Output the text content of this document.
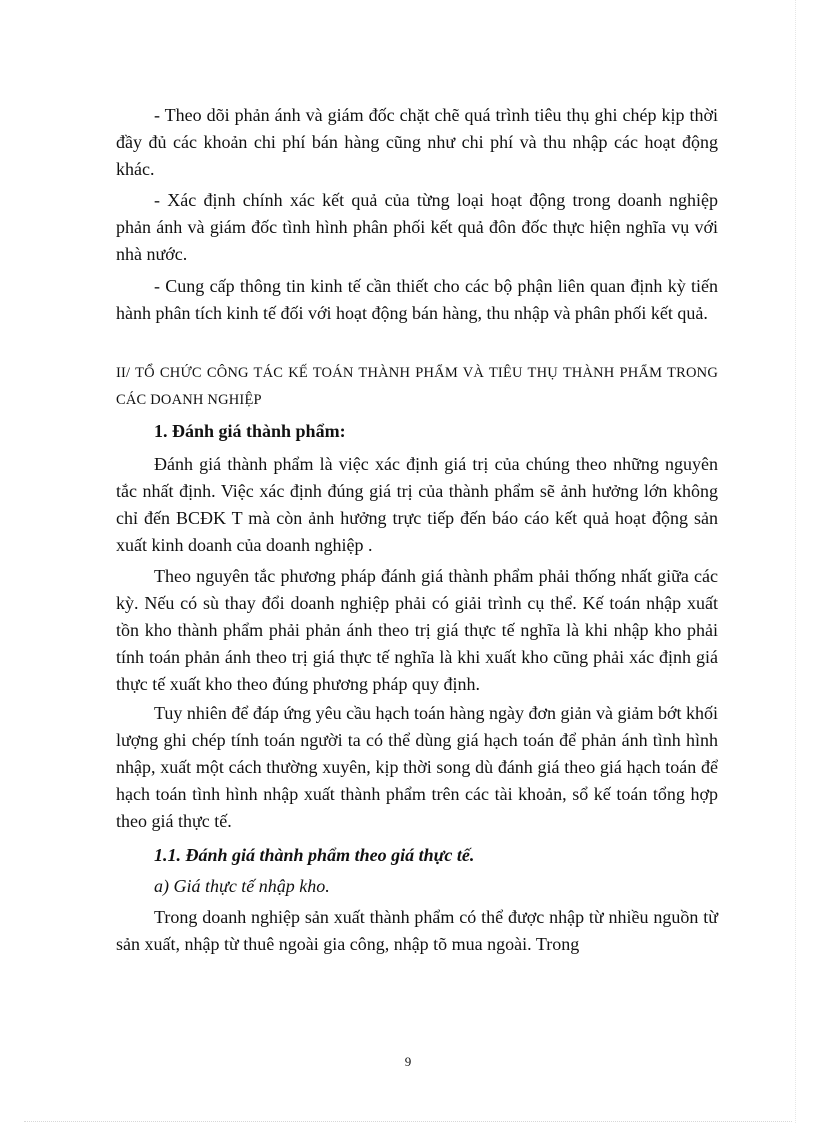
- Theo dõi phản ánh và giám đốc chặt chẽ quá trình tiêu thụ ghi chép kịp thời đầy đủ các khoản chi phí bán hàng cũng như chi phí và thu nhập các hoạt động khác.

- Xác định chính xác kết quả của từng loại hoạt động trong doanh nghiệp phản ánh và giám đốc tình hình phân phối kết quả đôn đốc thực hiện nghĩa vụ với nhà nước.

- Cung cấp thông tin kinh tế cần thiết cho các bộ phận liên quan định kỳ tiến hành phân tích kinh tế đối với hoạt động bán hàng, thu nhập và phân phối kết quả.

II/ TỔ CHỨC CÔNG TÁC KẾ TOÁN THÀNH PHẨM VÀ TIÊU THỤ THÀNH PHẨM TRONG CÁC DOANH NGHIỆP

1. Đánh giá thành phẩm:

Đánh giá thành phẩm là việc xác định giá trị của chúng theo những nguyên tắc nhất định. Việc xác định đúng giá trị của thành phẩm sẽ ảnh hưởng lớn không chỉ đến BCĐK T mà còn ảnh hưởng trực tiếp đến báo cáo kết quả hoạt động sản xuất kinh doanh của doanh nghiệp .

Theo nguyên tắc phương pháp đánh giá thành phẩm phải thống nhất giữa các kỳ. Nếu có sù thay đổi doanh nghiệp phải có giải trình cụ thể. Kế toán nhập xuất tồn kho thành phẩm phải phản ánh theo trị giá thực tế nghĩa là khi nhập kho phải tính toán phản ánh theo trị giá thực tế nghĩa là khi xuất kho cũng phải xác định giá thực tế xuất kho theo đúng phương pháp quy định.

Tuy nhiên để đáp ứng yêu cầu hạch toán hàng ngày đơn giản và giảm bớt khối lượng ghi chép tính toán người ta có thể dùng giá hạch toán để phản ánh tình hình nhập, xuất một cách thường xuyên, kịp thời song dù đánh giá theo giá hạch toán để hạch toán tình hình nhập xuất thành phẩm trên các tài khoản, sổ kế toán tổng hợp theo giá thực tế.

1.1. Đánh giá thành phẩm theo giá thực tế.

a) Giá thực tế nhập kho.

Trong doanh nghiệp sản xuất thành phẩm có thể được nhập từ nhiều nguồn từ sản xuất, nhập từ thuê ngoài gia công, nhập tõ mua ngoài. Trong

9
